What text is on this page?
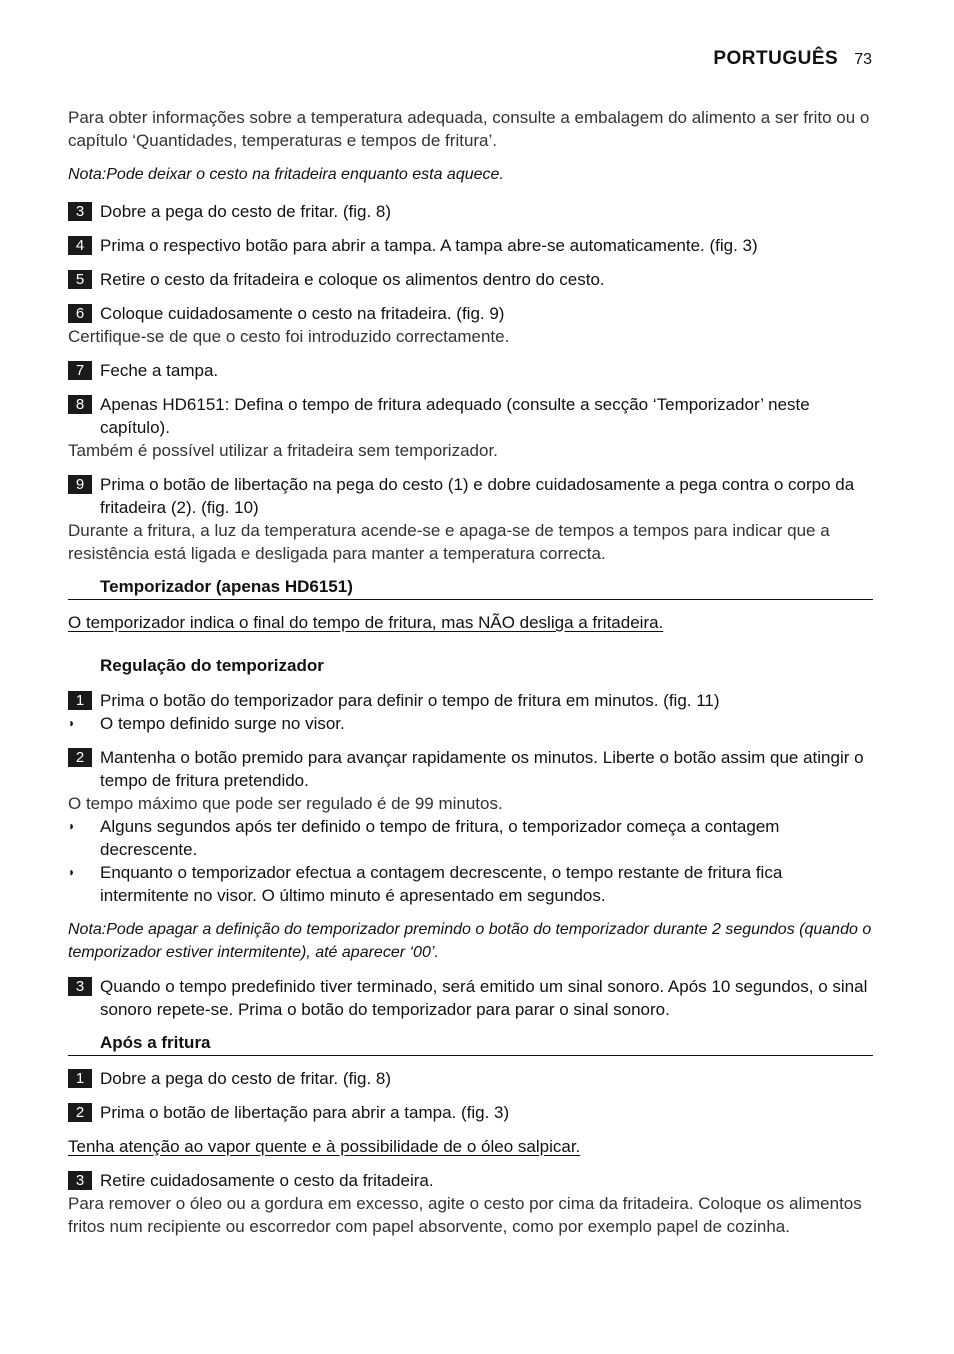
PORTUGUÊS 73

Para obter informações sobre a temperatura adequada, consulte a embalagem do alimento a ser frito ou o capítulo ‘Quantidades, temperaturas e tempos de fritura’.

Nota:Pode deixar o cesto na fritadeira enquanto esta aquece.

3 Dobre a pega do cesto de fritar. (fig. 8)
4 Prima o respectivo botão para abrir a tampa. A tampa abre-se automaticamente. (fig. 3)
5 Retire o cesto da fritadeira e coloque os alimentos dentro do cesto.
6 Coloque cuidadosamente o cesto na fritadeira. (fig. 9)

Certifique-se de que o cesto foi introduzido correctamente.

7 Feche a tampa.
8 Apenas HD6151: Defina o tempo de fritura adequado (consulte a secção ‘Temporizador’ neste capítulo).

Também é possível utilizar a fritadeira sem temporizador.

9 Prima o botão de libertação na pega do cesto (1) e dobre cuidadosamente a pega contra o corpo da fritadeira (2). (fig. 10)

Durante a fritura, a luz da temperatura acende-se e apaga-se de tempos a tempos para indicar que a resistência está ligada e desligada para manter a temperatura correcta.

Temporizador (apenas HD6151)

O temporizador indica o final do tempo de fritura, mas NÃO desliga a fritadeira.

Regulação do temporizador
1 Prima o botão do temporizador para definir o tempo de fritura em minutos. (fig. 11)
◗	O tempo definido surge no visor.
2 Mantenha o botão premido para avançar rapidamente os minutos. Liberte o botão assim que atingir o tempo de fritura pretendido.

O tempo máximo que pode ser regulado é de 99 minutos.

◗	Alguns segundos após ter definido o tempo de fritura, o temporizador começa a contagem decrescente.
◗	Enquanto o temporizador efectua a contagem decrescente, o tempo restante de fritura fica intermitente no visor. O último minuto é apresentado em segundos.

Nota:Pode apagar a definição do temporizador premindo o botão do temporizador durante 2 segundos (quando o temporizador estiver intermitente), até aparecer ‘00’.

3 Quando o tempo predefinido tiver terminado, será emitido um sinal sonoro. Após 10 segundos, o sinal sonoro repete-se. Prima o botão do temporizador para parar o sinal sonoro.
Após a fritura
1 Dobre a pega do cesto de fritar. (fig. 8)
2 Prima o botão de libertação para abrir a tampa. (fig. 3)

Tenha atenção ao vapor quente e à possibilidade de o óleo salpicar.

3 Retire cuidadosamente o cesto da fritadeira.

Para remover o óleo ou a gordura em excesso, agite o cesto por cima da fritadeira. Coloque os alimentos fritos num recipiente ou escorredor com papel absorvente, como por exemplo papel de cozinha.
